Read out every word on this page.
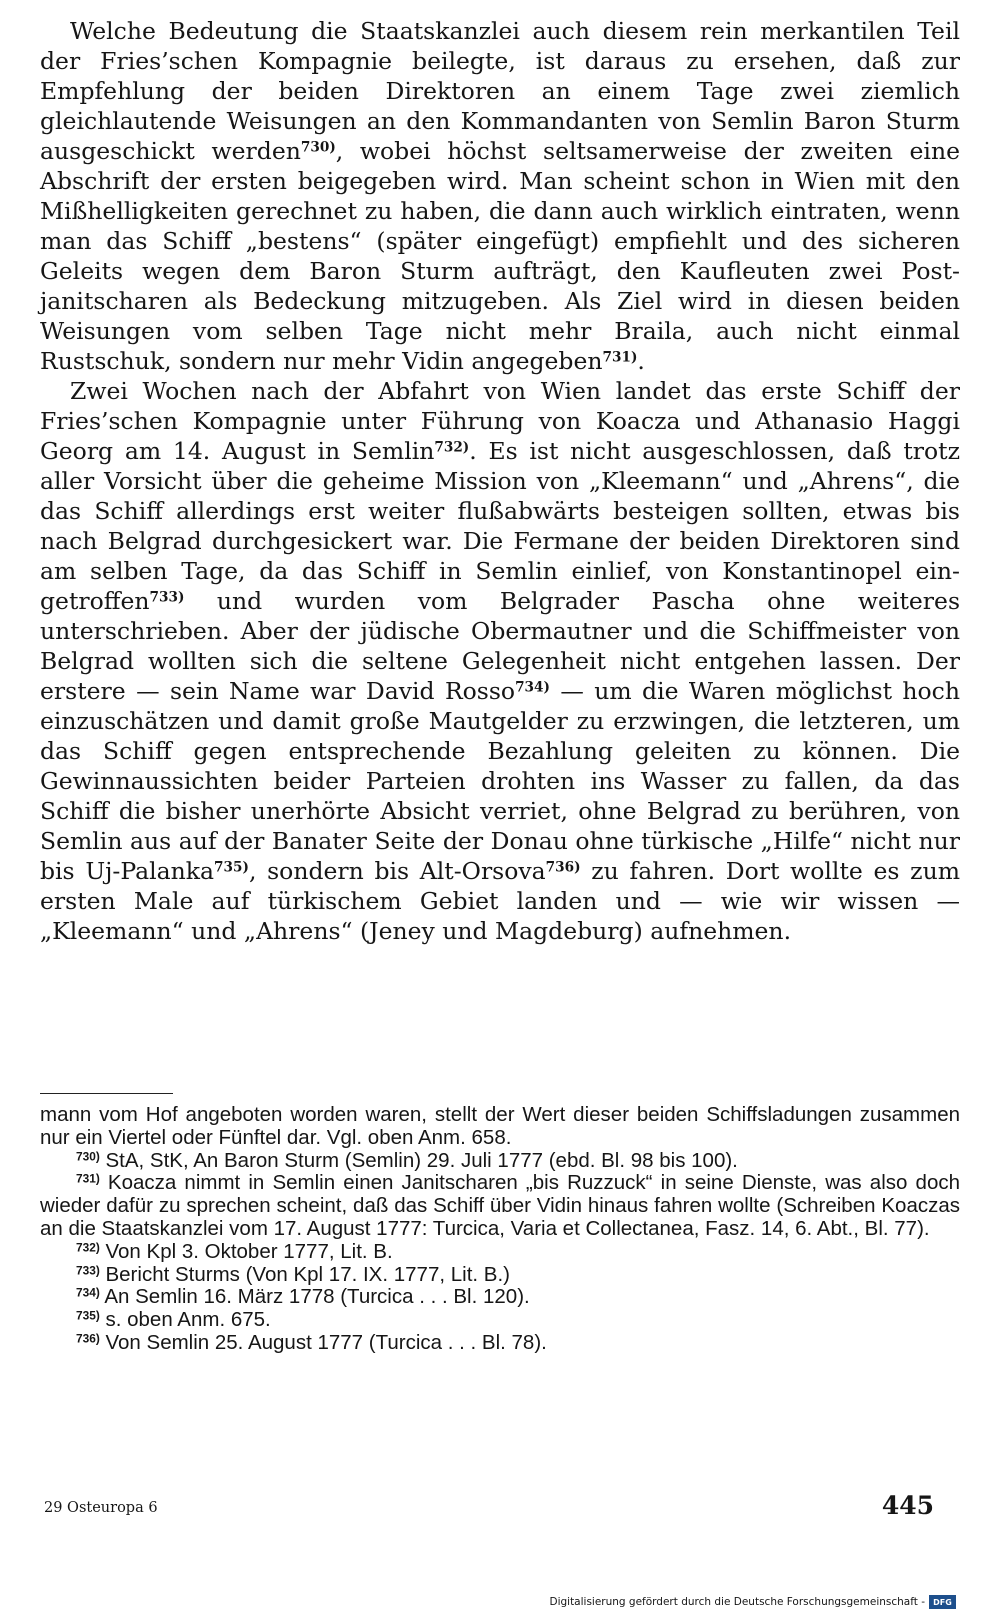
Welche Bedeutung die Staatskanzlei auch diesem rein merkantilen Teil der Fries’schen Kompagnie beilegte, ist daraus zu ersehen, daß zur Empfehlung der beiden Direktoren an einem Tage zwei ziemlich gleichlautende Weisungen an den Kommandanten von Semlin Baron Sturm ausgeschickt werden$^{730)}$, wobei höchst seltsamerweise der zweiten eine Abschrift der ersten beigegeben wird. Man scheint schon in Wien mit den Mißhelligkeiten gerechnet zu haben, die dann auch wirklich eintraten, wenn man das Schiff „bestens“ (später eingefügt) empfiehlt und des sicheren Geleits wegen dem Baron Sturm aufträgt, den Kaufleuten zwei Postjanitscharen als Bedeckung mitzugeben. Als Ziel wird in diesen beiden Weisungen vom selben Tage nicht mehr Braila, auch nicht einmal Rustschuk, sondern nur mehr Vidin angegeben$^{731)}$.

Zwei Wochen nach der Abfahrt von Wien landet das erste Schiff der Fries’schen Kompagnie unter Führung von Koacza und Athanasio Haggi Georg am 14. August in Semlin$^{732)}$. Es ist nicht ausgeschlossen, daß trotz aller Vorsicht über die geheime Mission von „Kleemann“ und „Ahrens“, die das Schiff allerdings erst weiter flußabwärts besteigen sollten, etwas bis nach Belgrad durchgesickert war. Die Fermane der beiden Direktoren sind am selben Tage, da das Schiff in Semlin einlief, von Konstantinopel eingetroffen$^{733)}$ und wurden vom Belgrader Pascha ohne weiteres unterschrieben. Aber der jüdische Obermautner und die Schiffmeister von Belgrad wollten sich die seltene Gelegenheit nicht entgehen lassen. Der erstere — sein Name war David Rosso$^{734)}$ — um die Waren möglichst hoch einzuschätzen und damit große Mautgelder zu erzwingen, die letzteren, um das Schiff gegen entsprechende Bezahlung geleiten zu können. Die Gewinnaussichten beider Parteien drohten ins Wasser zu fallen, da das Schiff die bisher unerhörte Absicht verriet, ohne Belgrad zu berühren, von Semlin aus auf der Banater Seite der Donau ohne türkische „Hilfe“ nicht nur bis Uj-Palanka$^{735)}$, sondern bis Alt-Orsova$^{736)}$ zu fahren. Dort wollte es zum ersten Male auf türkischem Gebiet landen und — wie wir wissen — „Kleemann“ und „Ahrens“ (Jeney und Magdeburg) aufnehmen.

mann vom Hof angeboten worden waren, stellt der Wert dieser beiden Schiffsladungen zusammen nur ein Viertel oder Fünftel dar. Vgl. oben Anm. 658.

$^{730)}$ StA, StK, An Baron Sturm (Semlin) 29. Juli 1777 (ebd. Bl. 98 bis 100).

$^{731)}$ Koacza nimmt in Semlin einen Janitscharen „bis Ruzzuck“ in seine Dienste, was also doch wieder dafür zu sprechen scheint, daß das Schiff über Vidin hinaus fahren wollte (Schreiben Koaczas an die Staatskanzlei vom 17. August 1777: Turcica, Varia et Collectanea, Fasz. 14, 6. Abt., Bl. 77).

$^{732)}$ Von Kpl 3. Oktober 1777, Lit. B.

$^{733)}$ Bericht Sturms (Von Kpl 17. IX. 1777, Lit. B.)

$^{734)}$ An Semlin 16. März 1778 (Turcica . . . Bl. 120).

$^{735)}$ s. oben Anm. 675.

$^{736)}$ Von Semlin 25. August 1777 (Turcica . . . Bl. 78).

29 Osteuropa 6	445
Digitalisierung gefördert durch die Deutsche Forschungsgemeinschaft -	DFG
